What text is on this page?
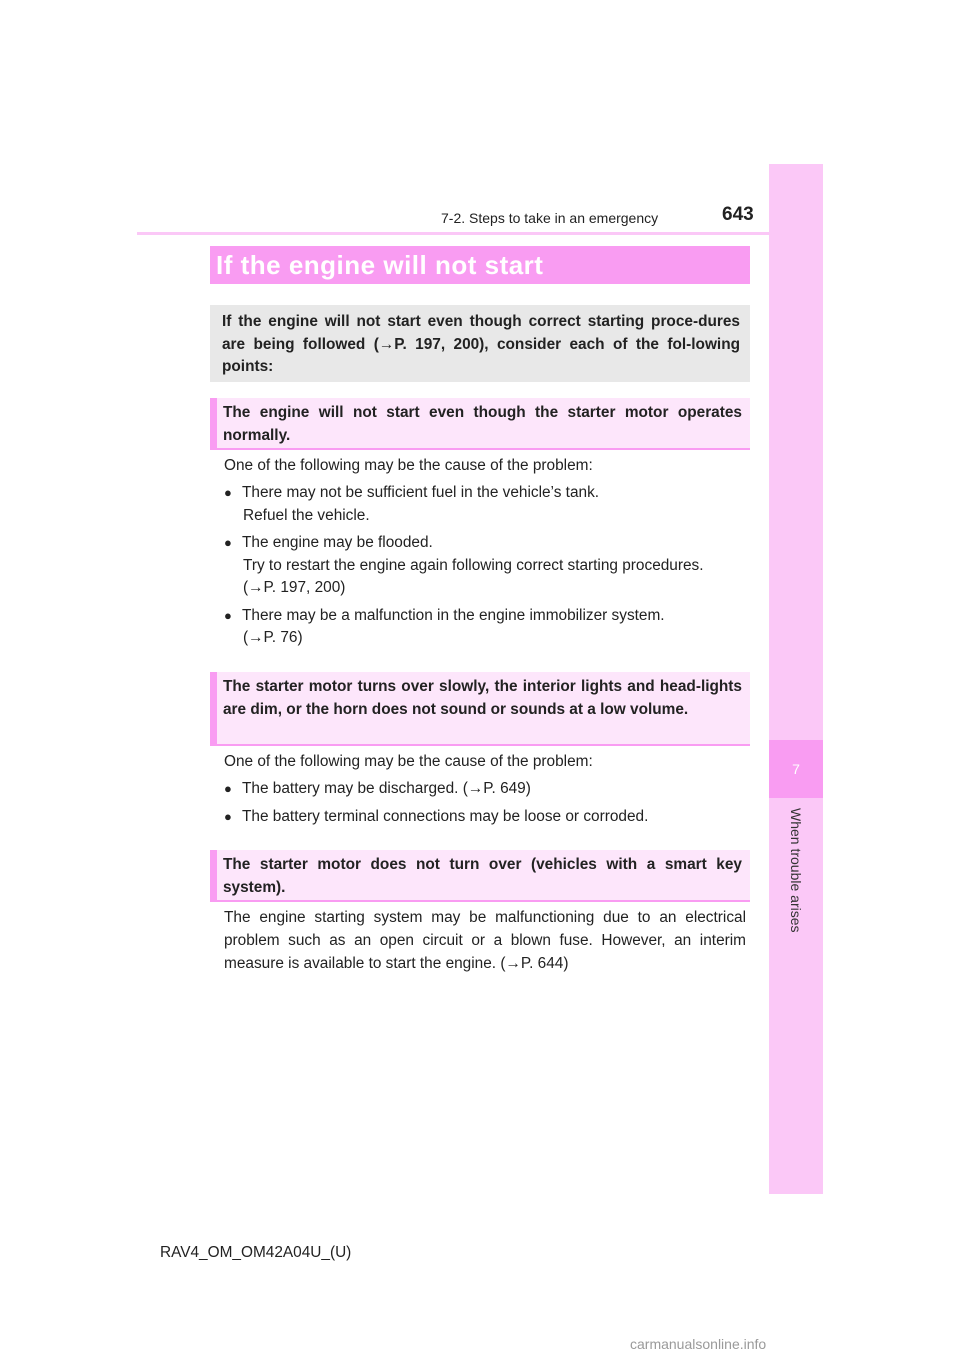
7
When trouble arises
643
7-2. Steps to take in an emergency
If the engine will not start
If the engine will not start even though correct starting proce-dures are being followed (→P. 197, 200), consider each of the fol-lowing points:
The engine will not start even though the starter motor operates normally.
One of the following may be the cause of the problem:
● There may not be sufficient fuel in the vehicle’s tank.
Refuel the vehicle.
● The engine may be flooded.
Try to restart the engine again following correct starting procedures.
(→P. 197, 200)
● There may be a malfunction in the engine immobilizer system.
(→P. 76)
The starter motor turns over slowly, the interior lights and head-lights are dim, or the horn does not sound or sounds at a low volume.
One of the following may be the cause of the problem:
● The battery may be discharged. (→P. 649)
● The battery terminal connections may be loose or corroded.
The starter motor does not turn over (vehicles with a smart key system).
The engine starting system may be malfunctioning due to an electrical problem such as an open circuit or a blown fuse. However, an interim measure is available to start the engine. (→P. 644)
RAV4_OM_OM42A04U_(U)
carmanualsonline.info
